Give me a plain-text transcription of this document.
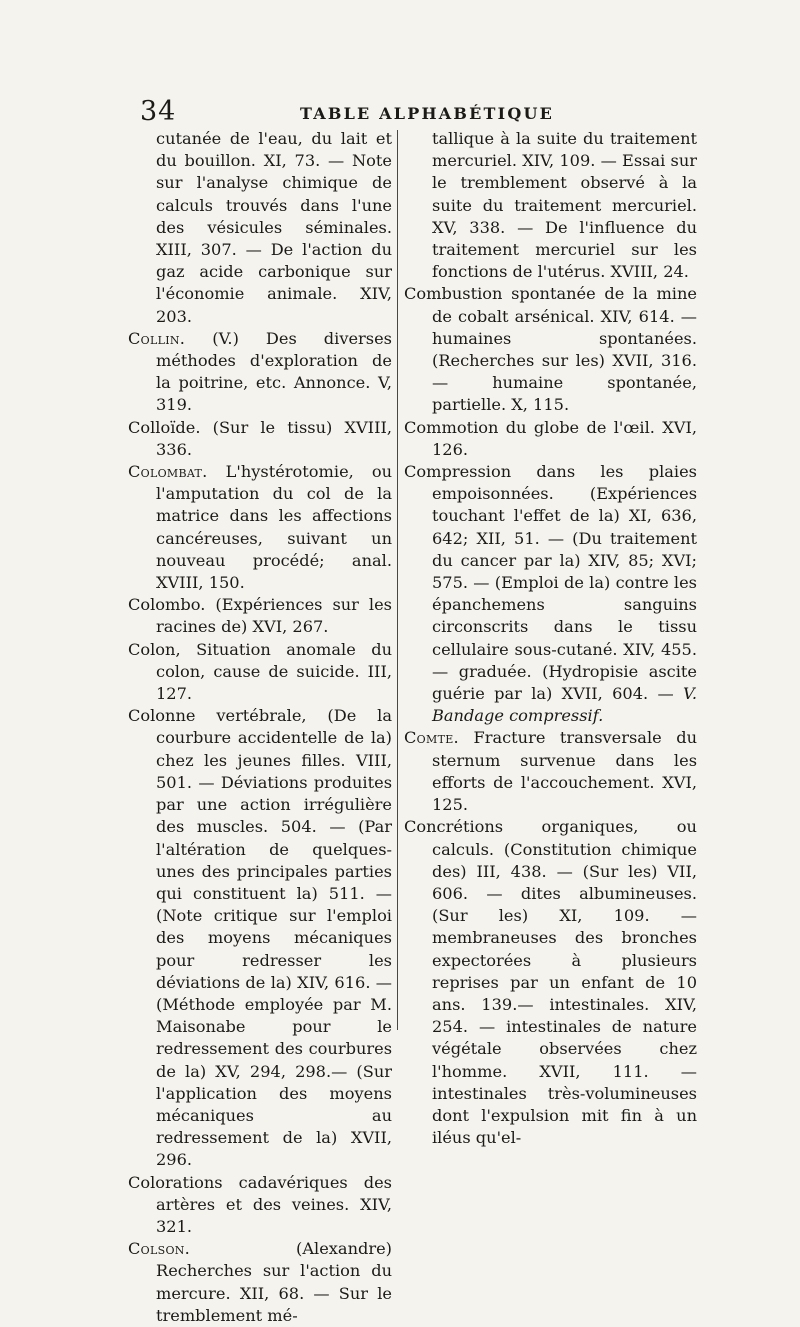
34	TABLE ALPHABÉTIQUE

cutanée de l'eau, du lait et du bouillon. XI, 73. — Note sur l'analyse chimique de calculs trouvés dans l'une des vésicules séminales. XIII, 307. — De l'action du gaz acide carbonique sur l'économie animale. XIV, 203.

Collin. (V.) Des diverses méthodes d'exploration de la poitrine, etc. Annonce. V, 319.

Colloïde. (Sur le tissu) XVIII, 336.

Colombat. L'hystérotomie, ou l'amputation du col de la matrice dans les affections cancéreuses, suivant un nouveau procédé; anal. XVIII, 150.

Colombo. (Expériences sur les racines de) XVI, 267.

Colon, Situation anomale du colon, cause de suicide. III, 127.

Colonne vertébrale, (De la courbure accidentelle de la) chez les jeunes filles. VIII, 501. — Déviations produites par une action irrégulière des muscles. 504. — (Par l'altération de quelques-unes des principales parties qui constituent la) 511. — (Note critique sur l'emploi des moyens mécaniques pour redresser les déviations de la) XIV, 616. —(Méthode employée par M. Maisonabe pour le redressement des courbures de la) XV, 294, 298.— (Sur l'application des moyens mécaniques au redressement de la) XVII, 296.

Colorations cadavériques des artères et des veines. XIV, 321.

Colson.	(Alexandre) Recherches sur l'action du mercure. XII, 68. — Sur le tremblement mé-

tallique à la suite du traitement mercuriel. XIV, 109. — Essai sur le tremblement observé à la suite du traitement mercuriel. XV, 338. — De l'influence du traitement mercuriel sur les fonctions de l'utérus. XVIII, 24.

Combustion spontanée de la mine de cobalt arsénical. XIV, 614. — humaines spontanées. (Recherches sur les) XVII, 316. — humaine spontanée, partielle. X, 115.

Commotion du globe de l'œil. XVI, 126.

Compression dans les plaies empoisonnées. (Expériences touchant l'effet de la) XI, 636, 642; XII, 51. — (Du traitement du cancer par la) XIV, 85; XVI; 575. — (Emploi de la) contre les épanchemens sanguins circonscrits dans le tissu cellulaire sous-cutané. XIV, 455. — graduée. (Hydropisie ascite guérie par la) XVII, 604. — V. Bandage compressif.

Comte. Fracture transversale du sternum survenue dans les efforts de l'accouchement. XVI, 125.

Concrétions organiques, ou calculs. (Constitution chimique des) III, 438. — (Sur les) VII, 606. — dites albumineuses. (Sur les) XI, 109. — membraneuses des bronches expectorées à plusieurs reprises par un enfant de 10 ans. 139.— intestinales. XIV, 254. — intestinales de nature végétale observées chez l'homme. XVII, 111. — intestinales très-volumineuses dont l'expulsion mit fin à un iléus qu'el-
